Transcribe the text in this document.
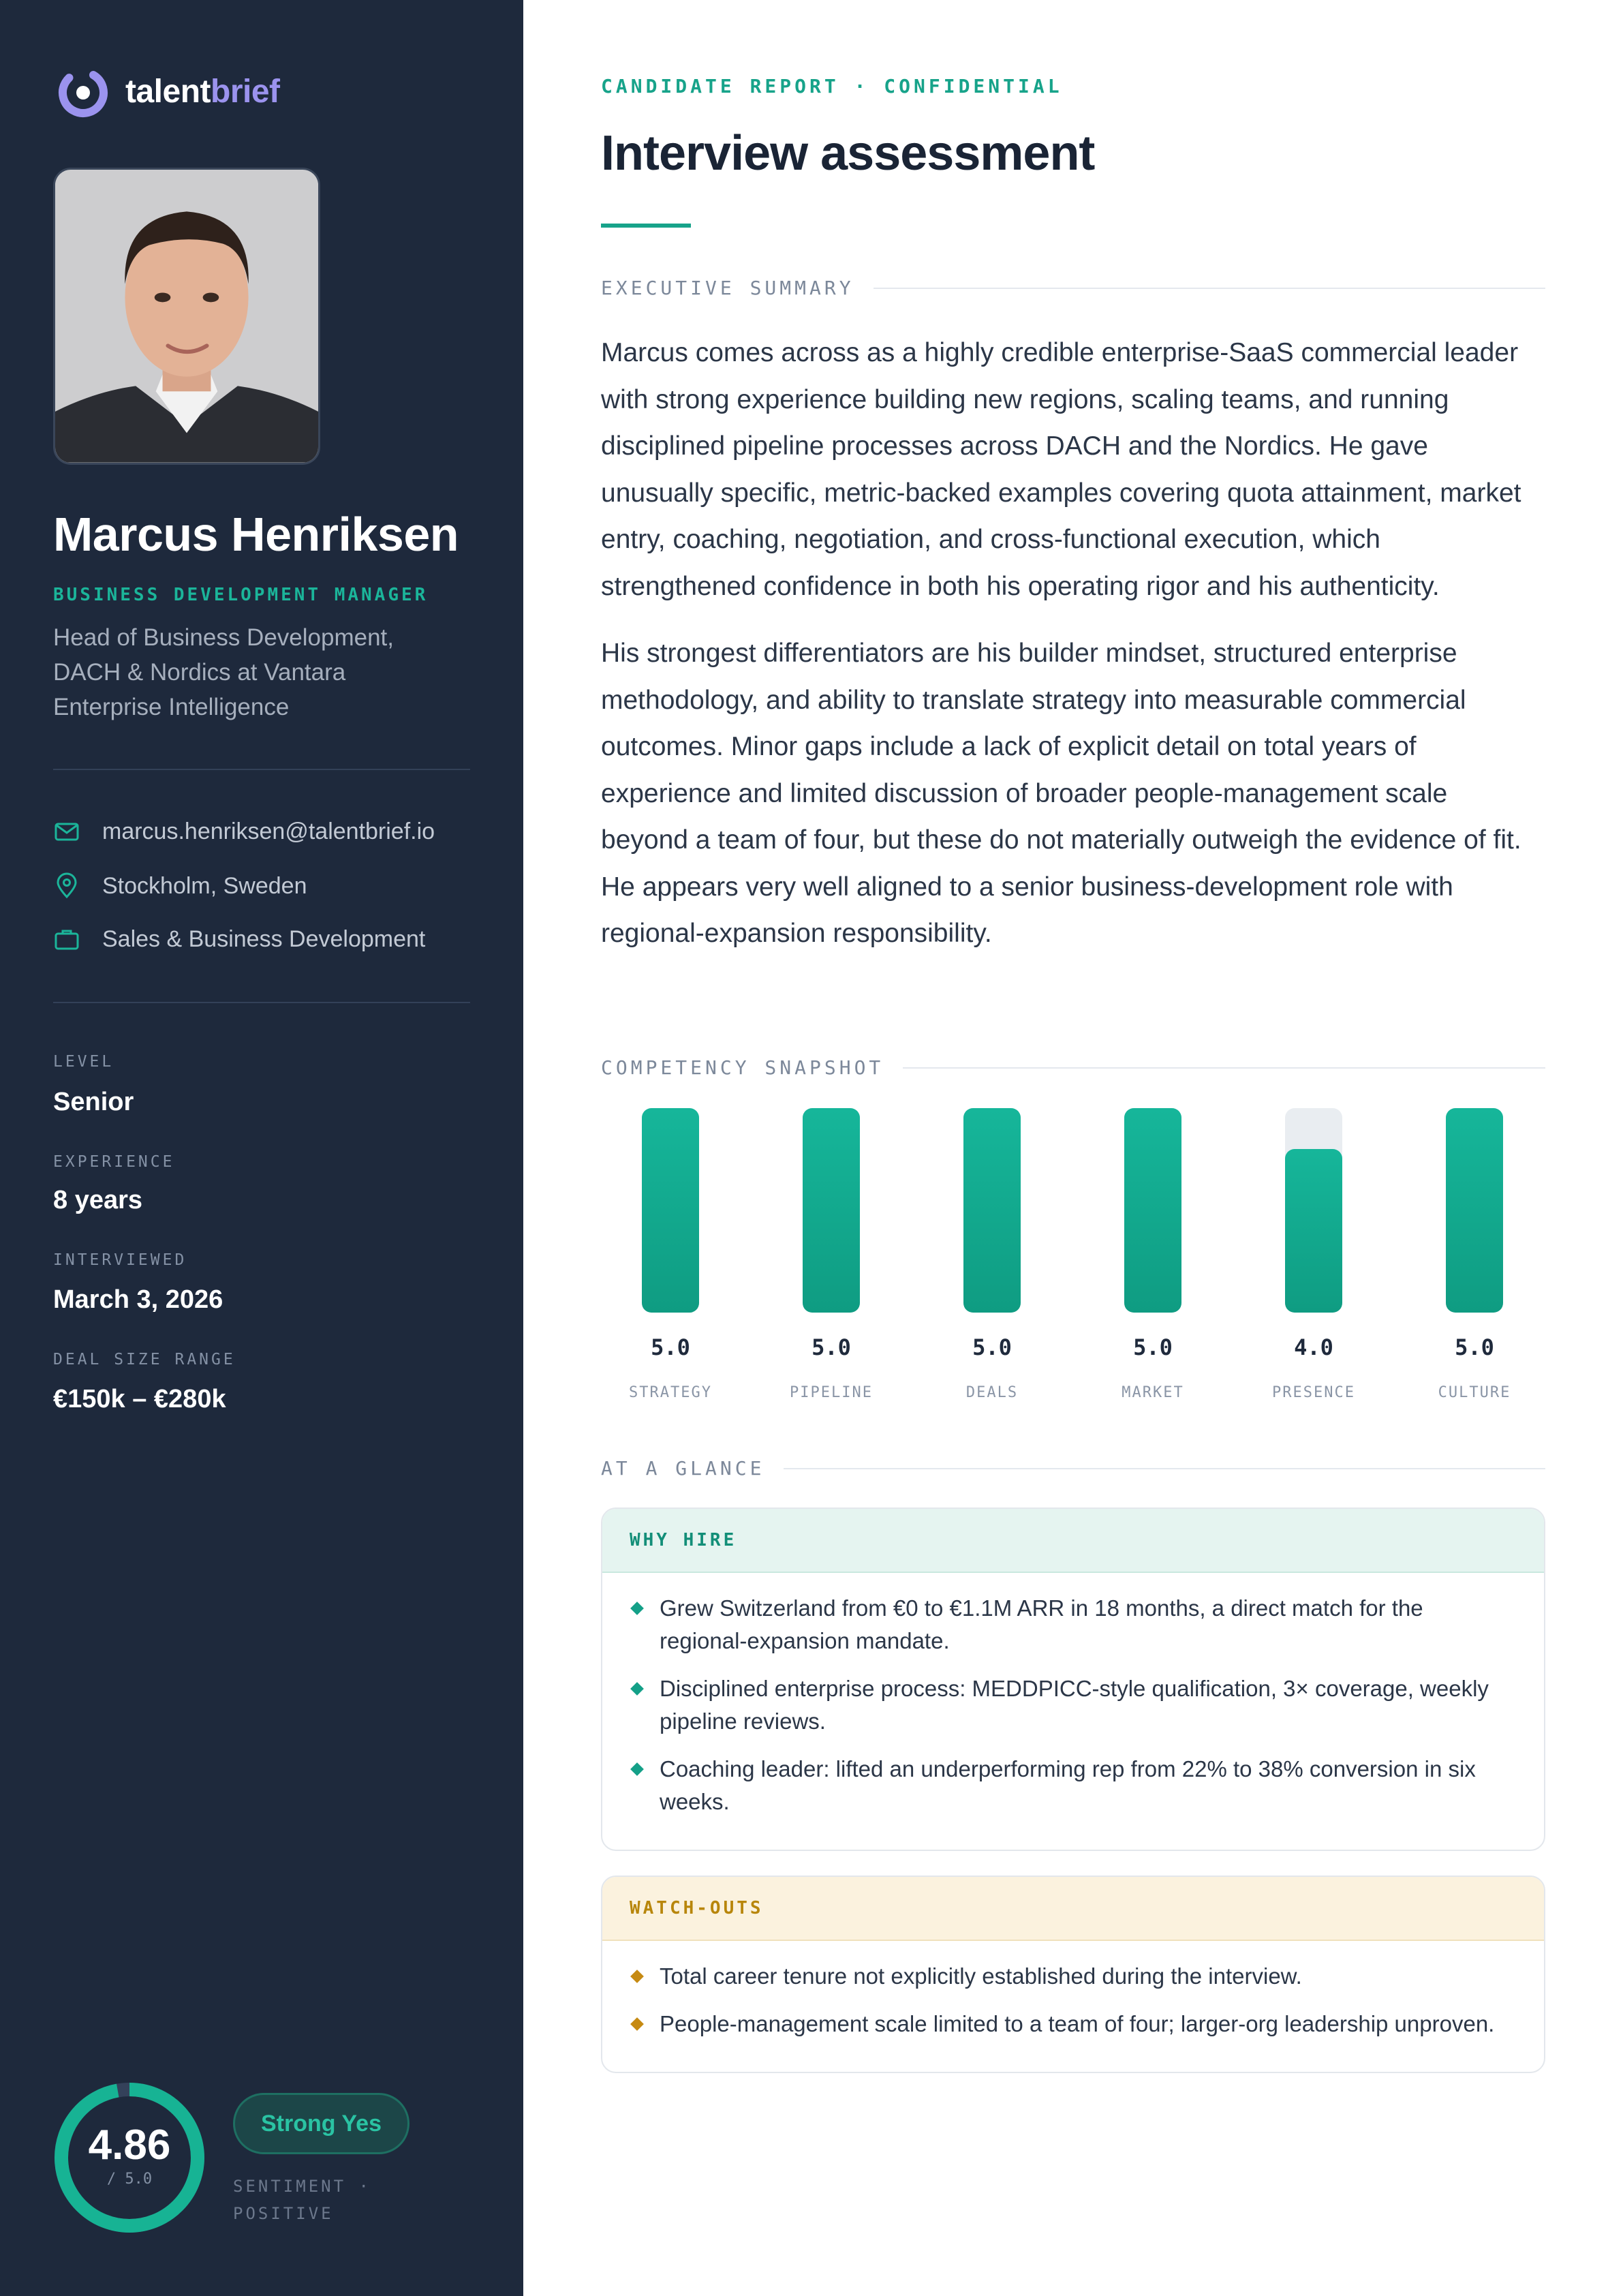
talentbrief
Marcus Henriksen
BUSINESS DEVELOPMENT MANAGER
Head of Business Development, DACH & Nordics at Vantara Enterprise Intelligence
marcus.henriksen@talentbrief.io
Stockholm, Sweden
Sales & Business Development
LEVEL
Senior
EXPERIENCE
8 years
INTERVIEWED
March 3, 2026
DEAL SIZE RANGE
€150k – €280k
4.86
/ 5.0
Strong Yes
SENTIMENT · POSITIVE
CANDIDATE REPORT · CONFIDENTIAL
Interview assessment
EXECUTIVE SUMMARY

Marcus comes across as a highly credible enterprise-SaaS commercial leader with strong experience building new regions, scaling teams, and running disciplined pipeline processes across DACH and the Nordics. He gave unusually specific, metric-backed examples covering quota attainment, market entry, coaching, negotiation, and cross-functional execution, which strengthened confidence in both his operating rigor and his authenticity.

His strongest differentiators are his builder mindset, structured enterprise methodology, and ability to translate strategy into measurable commercial outcomes. Minor gaps include a lack of explicit detail on total years of experience and limited discussion of broader people-management scale beyond a team of four, but these do not materially outweigh the evidence of fit. He appears very well aligned to a senior business-development role with regional-expansion responsibility.

COMPETENCY SNAPSHOT
5.0
STRATEGY
5.0
PIPELINE
5.0
DEALS
5.0
MARKET
4.0
PRESENCE
5.0
CULTURE
AT A GLANCE
WHY HIRE
Grew Switzerland from €0 to €1.1M ARR in 18 months, a direct match for the regional-expansion mandate.
Disciplined enterprise process: MEDDPICC-style qualification, 3× coverage, weekly pipeline reviews.
Coaching leader: lifted an underperforming rep from 22% to 38% conversion in six weeks.
WATCH-OUTS
Total career tenure not explicitly established during the interview.
People-management scale limited to a team of four; larger-org leadership unproven.
